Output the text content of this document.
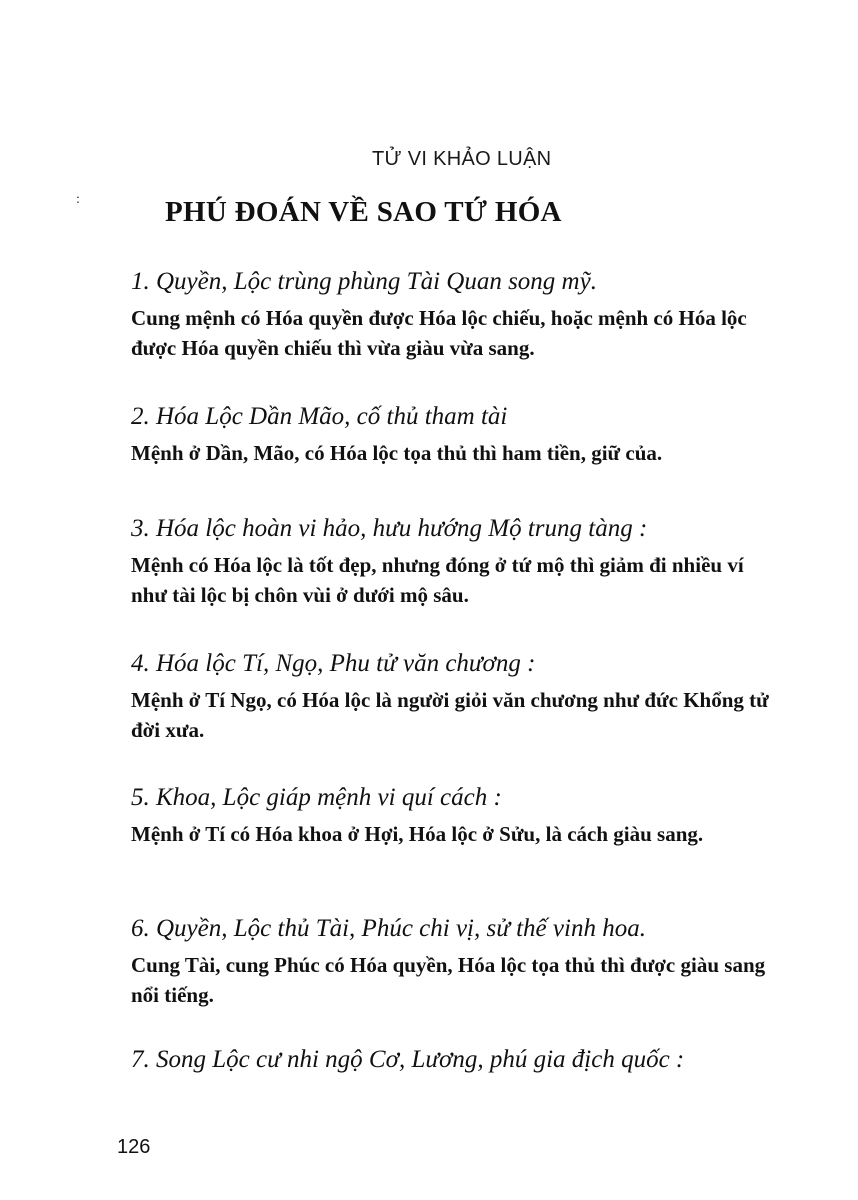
TỬ VI KHẢO LUẬN
:	PHÚ ĐOÁN VỀ SAO TỨ HÓA
1. Quyền, Lộc trùng phùng Tài Quan song mỹ.

Cung mệnh có Hóa quyền được Hóa lộc chiếu, hoặc mệnh có Hóa lộc được Hóa quyền chiếu thì vừa giàu vừa sang.

2. Hóa Lộc Dần Mão, cố thủ tham tài

Mệnh ở Dần, Mão, có Hóa lộc tọa thủ thì ham tiền, giữ của.

3. Hóa lộc hoàn vi hảo, hưu hướng Mộ trung tàng :

Mệnh có Hóa lộc là tốt đẹp, nhưng đóng ở tứ mộ thì giảm đi nhiều ví như tài lộc bị chôn vùi ở dưới mộ sâu.

4. Hóa lộc Tí, Ngọ, Phu tử văn chương :

Mệnh ở Tí Ngọ, có Hóa lộc là người giỏi văn chương như đức Khổng tử đời xưa.

5. Khoa, Lộc giáp mệnh vi quí cách :

Mệnh ở Tí có Hóa khoa ở Hợi, Hóa lộc ở Sửu, là cách giàu sang.

6. Quyền, Lộc thủ Tài, Phúc chi vị, sử thế vinh hoa.

Cung Tài, cung Phúc có Hóa quyền, Hóa lộc tọa thủ thì được giàu sang nổi tiếng.

7. Song Lộc cư nhi ngộ Cơ, Lương, phú gia địch quốc :
126
